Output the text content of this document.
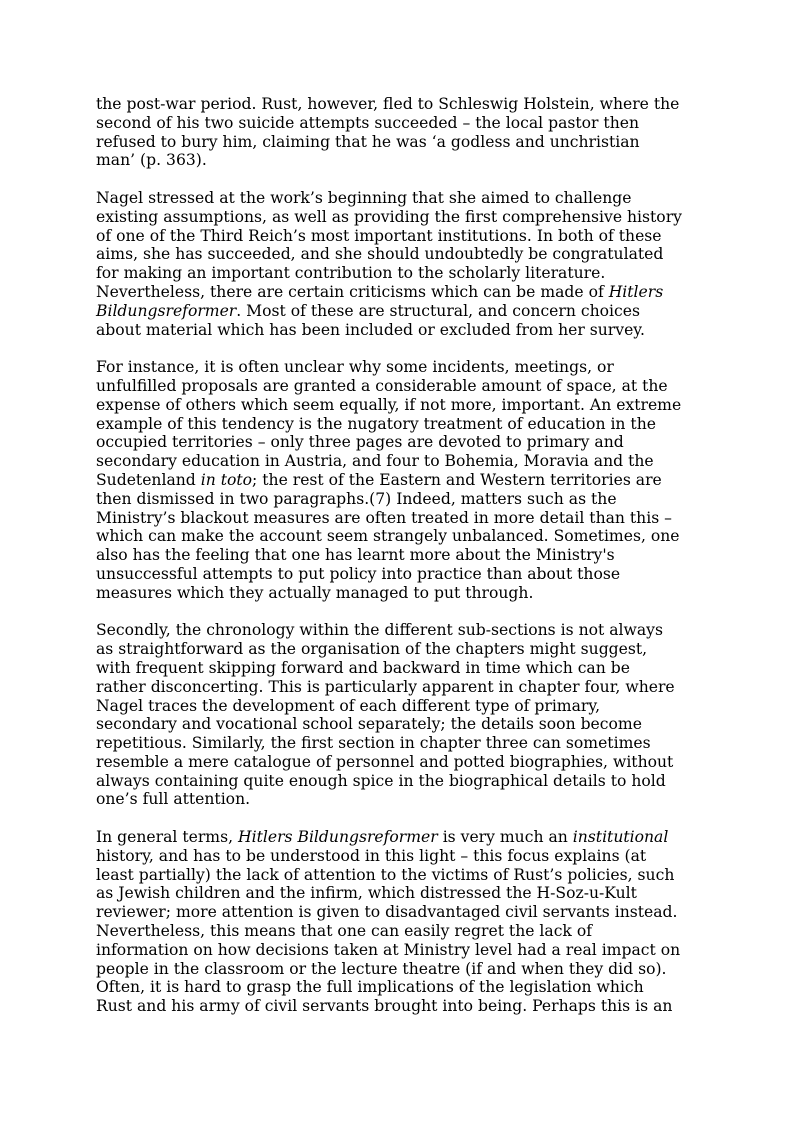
the post-war period. Rust, however, fled to Schleswig Holstein, where the
second of his two suicide attempts succeeded – the local pastor then
refused to bury him, claiming that he was ‘a godless and unchristian
man’ (p. 363).

Nagel stressed at the work’s beginning that she aimed to challenge
existing assumptions, as well as providing the first comprehensive history
of one of the Third Reich’s most important institutions. In both of these
aims, she has succeeded, and she should undoubtedly be congratulated
for making an important contribution to the scholarly literature.
Nevertheless, there are certain criticisms which can be made of Hitlers
Bildungsreformer. Most of these are structural, and concern choices
about material which has been included or excluded from her survey.

For instance, it is often unclear why some incidents, meetings, or
unfulfilled proposals are granted a considerable amount of space, at the
expense of others which seem equally, if not more, important. An extreme
example of this tendency is the nugatory treatment of education in the
occupied territories – only three pages are devoted to primary and
secondary education in Austria, and four to Bohemia, Moravia and the
Sudetenland in toto; the rest of the Eastern and Western territories are
then dismissed in two paragraphs.(7) Indeed, matters such as the
Ministry’s blackout measures are often treated in more detail than this –
which can make the account seem strangely unbalanced. Sometimes, one
also has the feeling that one has learnt more about the Ministry's
unsuccessful attempts to put policy into practice than about those
measures which they actually managed to put through.

Secondly, the chronology within the different sub-sections is not always
as straightforward as the organisation of the chapters might suggest,
with frequent skipping forward and backward in time which can be
rather disconcerting. This is particularly apparent in chapter four, where
Nagel traces the development of each different type of primary,
secondary and vocational school separately; the details soon become
repetitious. Similarly, the first section in chapter three can sometimes
resemble a mere catalogue of personnel and potted biographies, without
always containing quite enough spice in the biographical details to hold
one’s full attention.

In general terms, Hitlers Bildungsreformer is very much an institutional
history, and has to be understood in this light – this focus explains (at
least partially) the lack of attention to the victims of Rust’s policies, such
as Jewish children and the infirm, which distressed the H-Soz-u-Kult
reviewer; more attention is given to disadvantaged civil servants instead.
Nevertheless, this means that one can easily regret the lack of
information on how decisions taken at Ministry level had a real impact on
people in the classroom or the lecture theatre (if and when they did so).
Often, it is hard to grasp the full implications of the legislation which
Rust and his army of civil servants brought into being. Perhaps this is an
